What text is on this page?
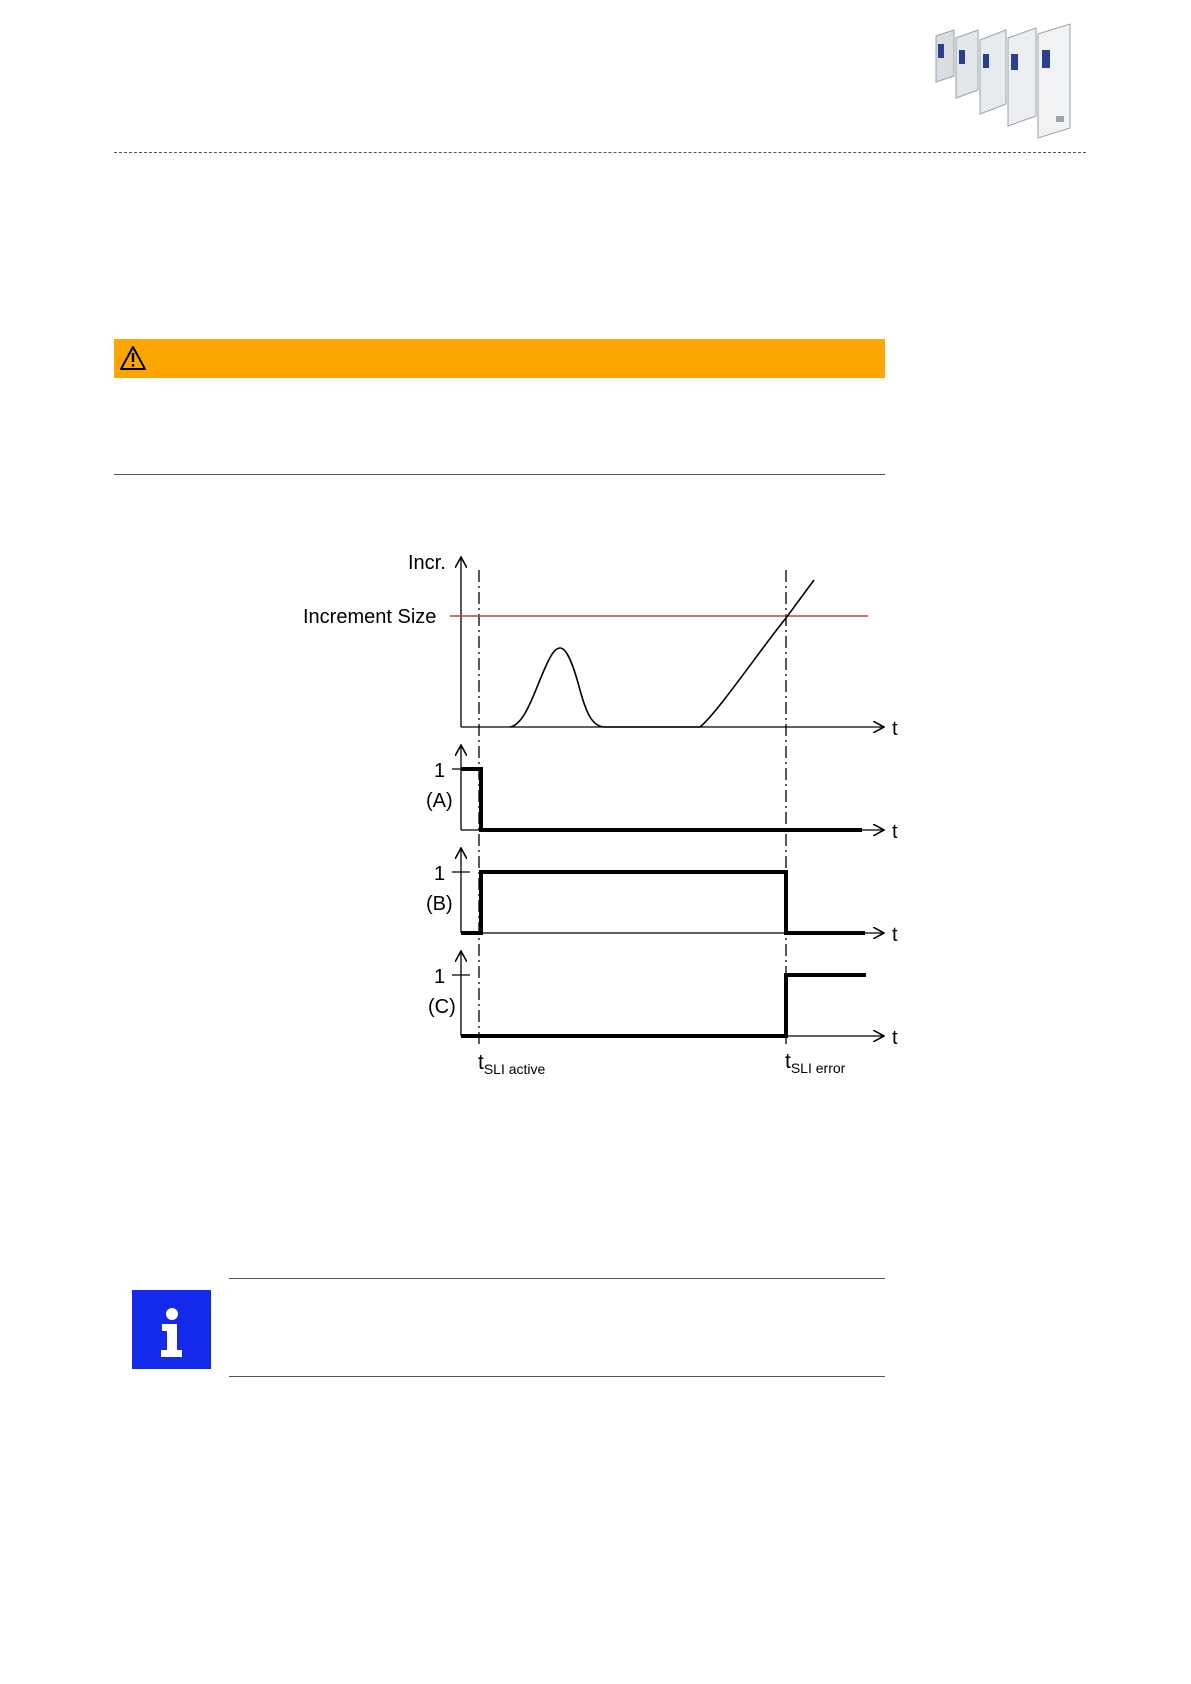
Incr.
Increment Size
t
1
(A)
t
1
(B)
t
1
(C)
t
tSLI active	tSLI error
